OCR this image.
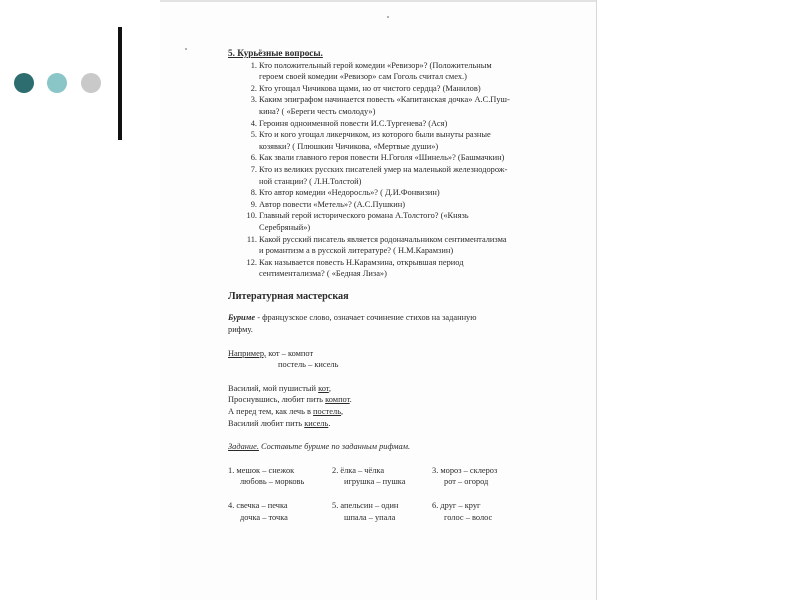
5. Курьёзные вопросы.
1. Кто положительный герой комедии «Ревизор»? (Положительным
героем своей комедии «Ревизор» сам Гоголь считал смех.)
2. Кто угощал Чичикова щами, но от чистого сердца? (Манилов)
3. Каким эпиграфом начинается повесть «Капитанская дочка» А.С.Пуш-
кина? ( «Береги честь смолоду»)
4. Героиня одноименной повести И.С.Тургенева? (Ася)
5. Кто и кого угощал ликерчиком, из которого были вынуты разные
козявки? ( Плюшкин Чичикова, «Мертвые души»)
6. Как звали главного героя повести Н.Гоголя «Шинель»? (Башмачкин)
7. Кто из великих русских писателей умер на маленькой железнодорож-
ной станции? ( Л.Н.Толстой)
8. Кто автор комедии «Недоросль»? ( Д.И.Фонвизин)
9. Автор повести «Метель»? (А.С.Пушкин)
10. Главный герой исторического романа А.Толстого? («Князь
Серебряный»)
11. Какой русский писатель является родоначальником сентиментализма
и романтизм а в русской литературе? ( Н.М.Карамзин)
12. Как называется повесть Н.Карамзина, открывшая период
сентиментализма? ( «Бедная Лиза»)
Литературная мастерская

Буриме - французское слово, означает сочинение стихов на заданную
рифму.

Например, кот – компот
постель – кисель

Василий, мой пушистый кот,
Проснувшись, любит пить компот.
А перед тем, как лечь в постель,
Василий любит пить кисель.

Задание. Составьте буриме по заданным рифмам.

1. мешок – снежок
любовь – морковь
2. ёлка – чёлка
игрушка – пушка
3. мороз – склероз
рот – огород
4. свечка – печка
дочка – точка
5. апельсин – один
шпала – упала
6. друг – круг
голос – волос
